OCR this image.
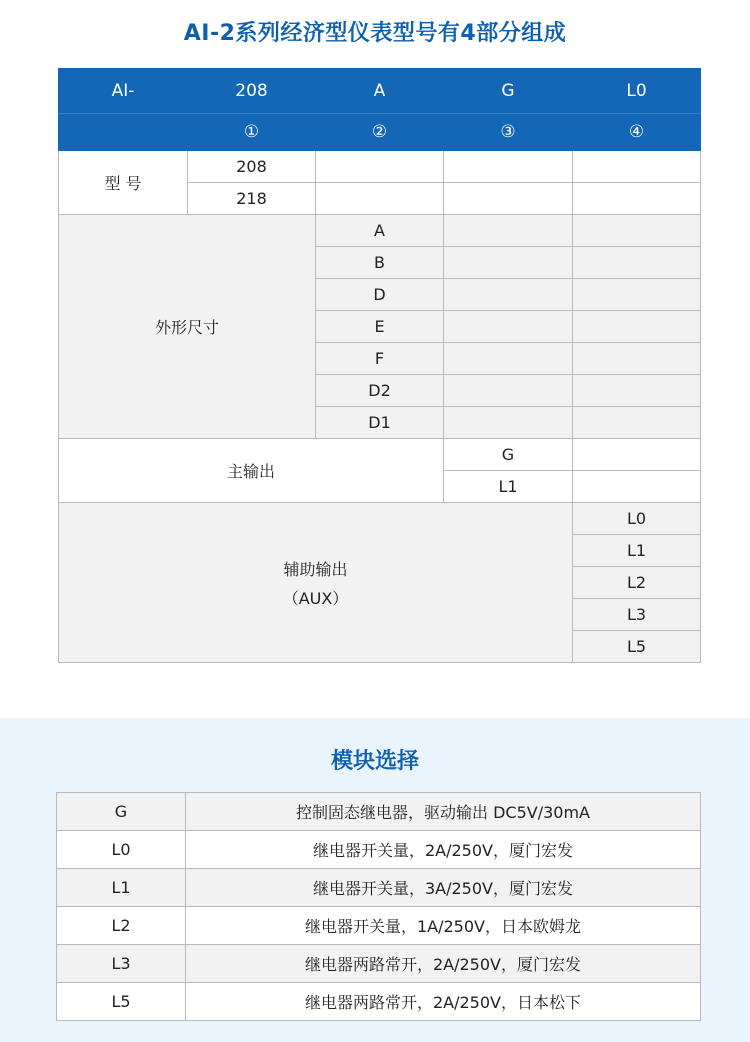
AI-2系列经济型仪表型号有4部分组成
AI-	208	A	G	L0
	①	②	③	④
型 号	208			
	218			
外形尺寸		A		
		B		
		D		
		E		
		F		
		D2		
		D1		
主输出			G	
			L1	

辅助输出
（AUX）				L0
				L1
				L2
				L3
				L5
模块选择
G	控制固态继电器，驱动输出 DC5V/30mA
L0	继电器开关量，2A/250V，厦门宏发
L1	继电器开关量，3A/250V，厦门宏发
L2	继电器开关量，1A/250V，日本欧姆龙
L3	继电器两路常开，2A/250V，厦门宏发
L5	继电器两路常开，2A/250V，日本松下
